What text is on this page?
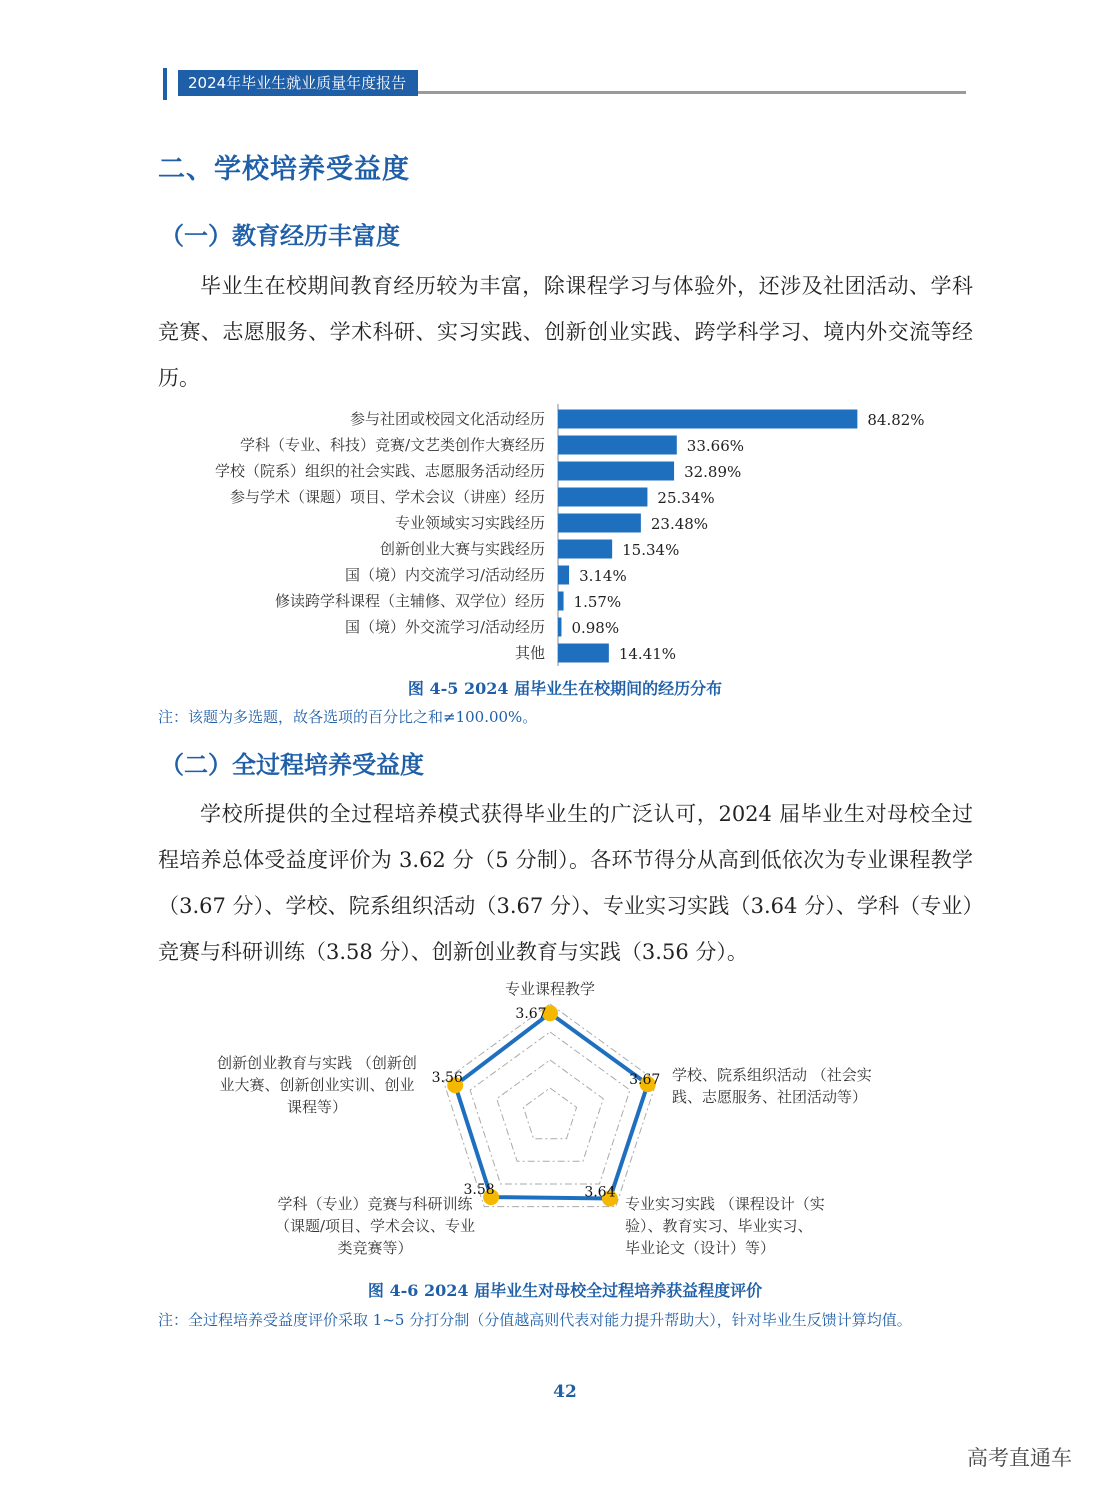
2024年毕业生就业质量年度报告
二、学校培养受益度
（一）教育经历丰富度

毕业生在校期间教育经历较为丰富，除课程学习与体验外，还涉及社团活动、学科竞赛、志愿服务、学术科研、实习实践、创新创业实践、跨学科学习、境内外交流等经历。

参与社团或校园文化活动经历	84.82%
学科（专业、科技）竞赛/文艺类创作大赛经历	33.66%
学校（院系）组织的社会实践、志愿服务活动经历	32.89%
参与学术（课题）项目、学术会议（讲座）经历	25.34%
专业领域实习实践经历	23.48%
创新创业大赛与实践经历	15.34%
国（境）内交流学习/活动经历 3.14%
修读跨学科课程（主辅修、双学位）经历 1.57%
国（境）外交流学习/活动经历 0.98%
其他	14.41%
图 4-5 2024 届毕业生在校期间的经历分布
注：该题为多选题，故各选项的百分比之和≠100.00%。
（二）全过程培养受益度

学校所提供的全过程培养模式获得毕业生的广泛认可，2024 届毕业生对母校全过程培养总体受益度评价为 3.62 分（5 分制）。各环节得分从高到低依次为专业课程教学（3.67 分）、学校、院系组织活动（3.67 分）、专业实习实践（3.64 分）、学科（专业）竞赛与科研训练（3.58 分）、创新创业教育与实践（3.56 分）。

3.67
3.67
3.64
3.58
3.56
专业课程教学
学校、院系组织活动 （社会实践、志愿服务、社团活动等）
专业实习实践 （课程设计（实验）、教育实习、毕业实习、毕业论文（设计）等）
学科（专业）竞赛与科研训练（课题/项目、学术会议、专业类竞赛等）
创新创业教育与实践 （创新创业大赛、创新创业实训、创业课程等）
图 4-6 2024 届毕业生对母校全过程培养获益程度评价
注：全过程培养受益度评价采取 1~5 分打分制（分值越高则代表对能力提升帮助大），针对毕业生反馈计算均值。
42
高考直通车
